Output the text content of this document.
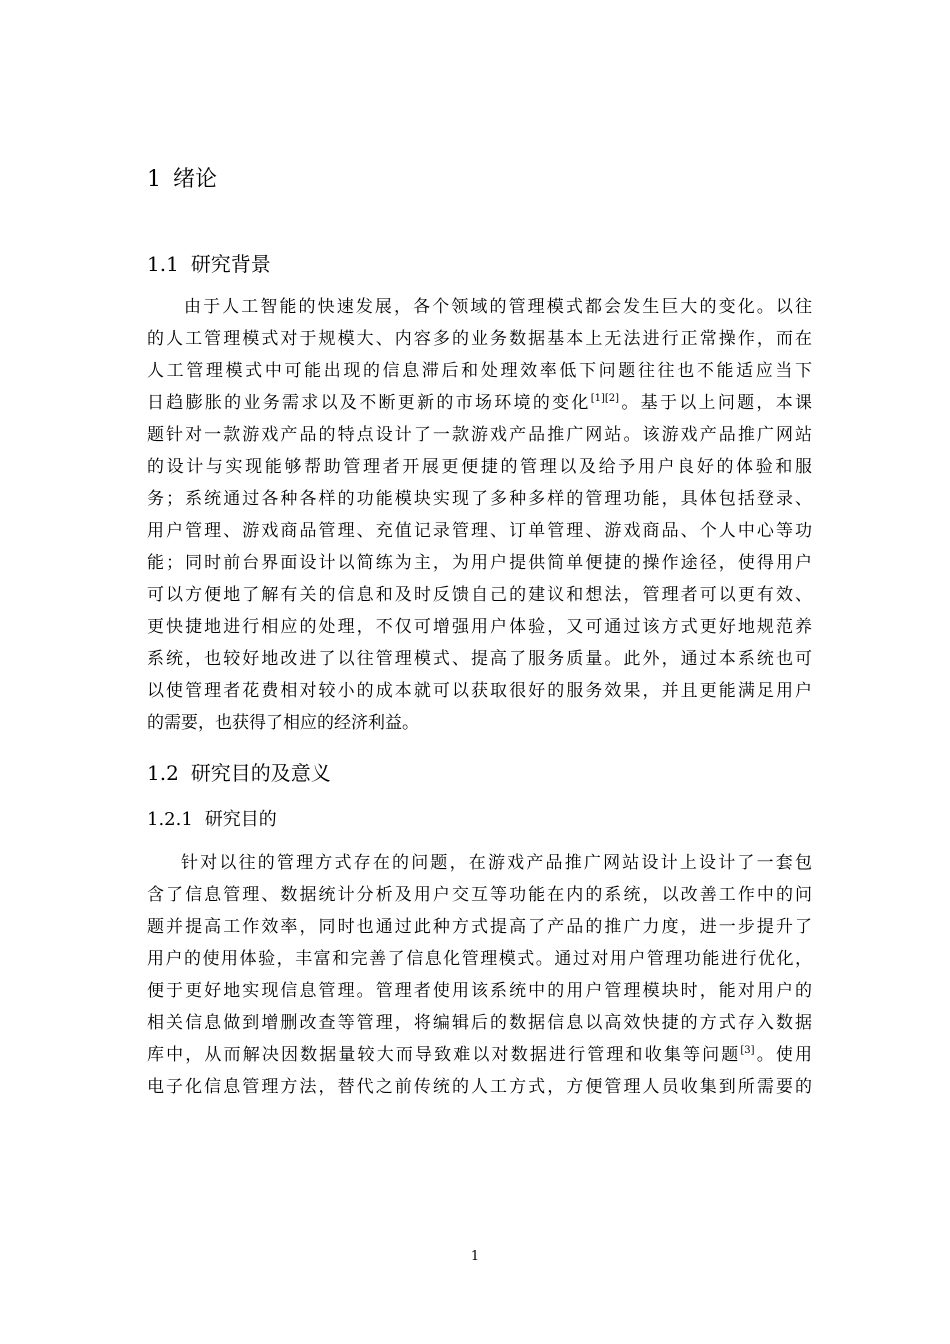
1 绪论
1.1 研究背景
由于人工智能的快速发展，各个领域的管理模式都会发生巨大的变化。以往
的人工管理模式对于规模大、内容多的业务数据基本上无法进行正常操作，而在
人工管理模式中可能出现的信息滞后和处理效率低下问题往往也不能适应当下
日趋膨胀的业务需求以及不断更新的市场环境的变化[1][2]。基于以上问题，本课
题针对一款游戏产品的特点设计了一款游戏产品推广网站。该游戏产品推广网站
的设计与实现能够帮助管理者开展更便捷的管理以及给予用户良好的体验和服
务；系统通过各种各样的功能模块实现了多种多样的管理功能，具体包括登录、
用户管理、游戏商品管理、充值记录管理、订单管理、游戏商品、个人中心等功
能；同时前台界面设计以简练为主，为用户提供简单便捷的操作途径，使得用户
可以方便地了解有关的信息和及时反馈自己的建议和想法，管理者可以更有效、
更快捷地进行相应的处理，不仅可增强用户体验，又可通过该方式更好地规范养
系统，也较好地改进了以往管理模式、提高了服务质量。此外，通过本系统也可
以使管理者花费相对较小的成本就可以获取很好的服务效果，并且更能满足用户
的需要，也获得了相应的经济利益。
1.2 研究目的及意义
1.2.1 研究目的
针对以往的管理方式存在的问题，在游戏产品推广网站设计上设计了一套包
含了信息管理、数据统计分析及用户交互等功能在内的系统，以改善工作中的问
题并提高工作效率，同时也通过此种方式提高了产品的推广力度，进一步提升了
用户的使用体验，丰富和完善了信息化管理模式。通过对用户管理功能进行优化，
便于更好地实现信息管理。管理者使用该系统中的用户管理模块时，能对用户的
相关信息做到增删改查等管理，将编辑后的数据信息以高效快捷的方式存入数据
库中，从而解决因数据量较大而导致难以对数据进行管理和收集等问题[3]。使用
电子化信息管理方法，替代之前传统的人工方式，方便管理人员收集到所需要的
1
